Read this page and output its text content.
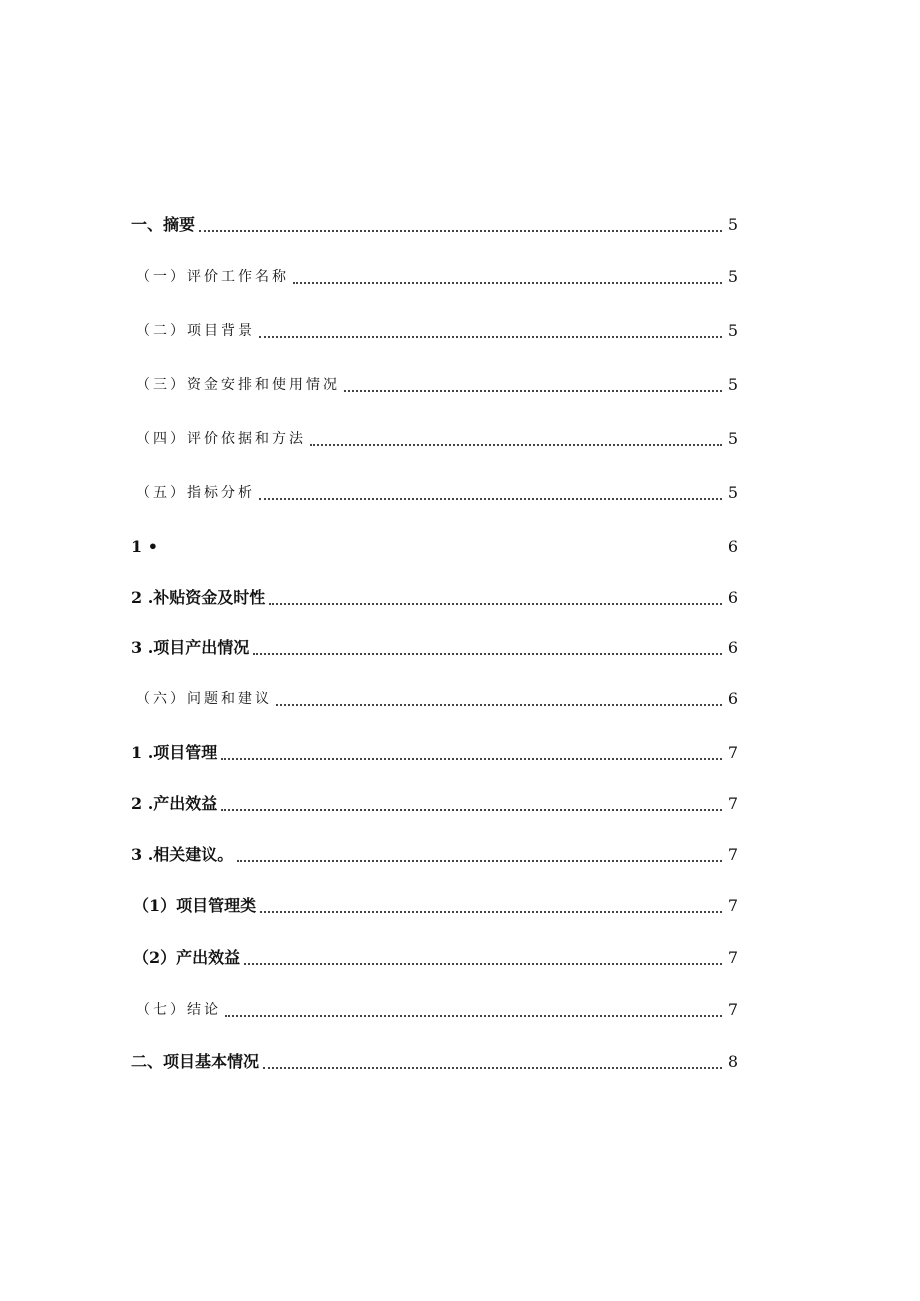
一、摘要	5
（一）评价工作名称	5
（二）项目背景	5
（三）资金安排和使用情况	5
（四）评价依据和方法	5
（五）指标分析	5
1 •	6
2 .补贴资金及时性	6
3 .项目产出情况	6
（六）问题和建议	6
1 .项目管理	7
2 .产出效益	7
3 .相关建议。	7
（1）项目管理类	7
（2）产出效益	7
（七）结论	7
二、项目基本情况	8
